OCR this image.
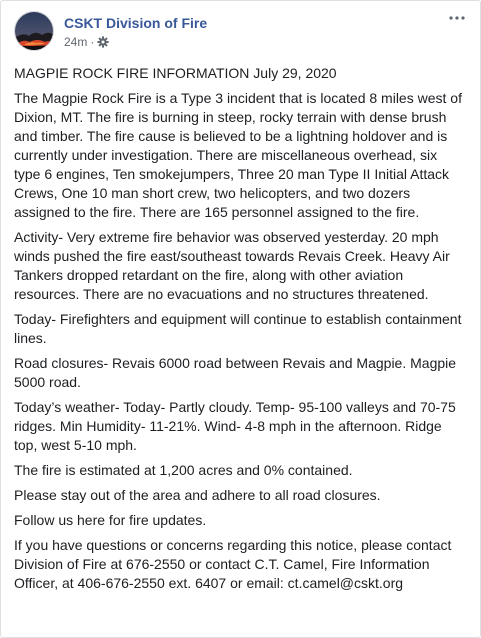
CSKT Division of Fire
24m ·

MAGPIE ROCK FIRE INFORMATION July 29, 2020

The Magpie Rock Fire is a Type 3 incident that is located 8 miles west of Dixion, MT. The fire is burning in steep, rocky terrain with dense brush and timber. The fire cause is believed to be a lightning holdover and is currently under investigation. There are miscellaneous overhead, six type 6 engines, Ten smokejumpers, Three 20 man Type II Initial Attack Crews, One 10 man short crew, two helicopters, and two dozers assigned to the fire. There are 165 personnel assigned to the fire.

Activity- Very extreme fire behavior was observed yesterday. 20 mph winds pushed the fire east/southeast towards Revais Creek. Heavy Air Tankers dropped retardant on the fire, along with other aviation resources. There are no evacuations and no structures threatened.

Today- Firefighters and equipment will continue to establish containment lines.

Road closures- Revais 6000 road between Revais and Magpie. Magpie 5000 road.

Today’s weather- Today- Partly cloudy. Temp- 95-100 valleys and 70-75 ridges. Min Humidity- 11-21%. Wind- 4-8 mph in the afternoon. Ridge top, west 5-10 mph.

The fire is estimated at 1,200 acres and 0% contained.

Please stay out of the area and adhere to all road closures.

Follow us here for fire updates.

If you have questions or concerns regarding this notice, please contact Division of Fire at 676-2550 or contact C.T. Camel, Fire Information Officer, at 406-676-2550 ext. 6407 or email: ct.camel@cskt.org
